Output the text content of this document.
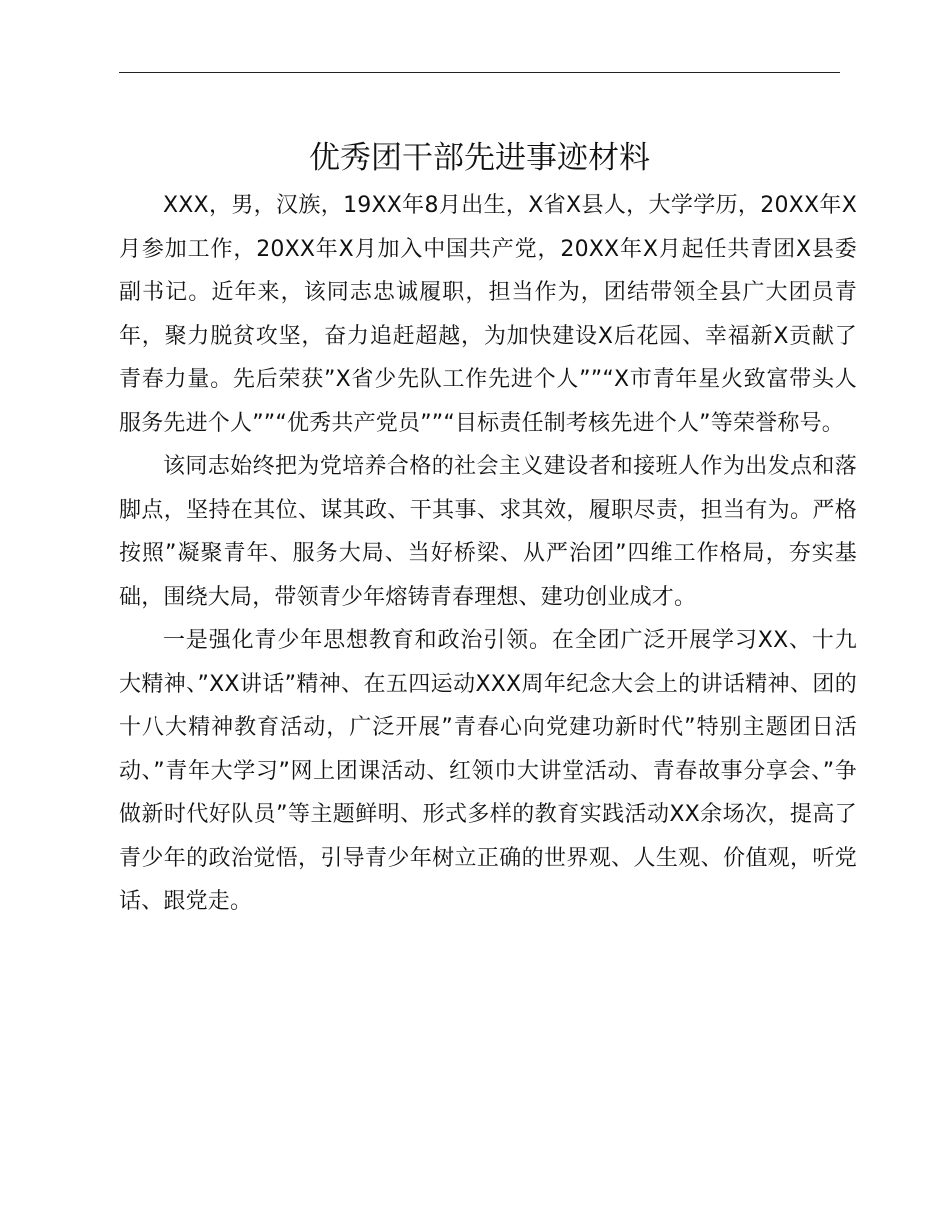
优秀团干部先进事迹材料

XXX，男，汉族，19XX年8月出生，X省X县人，大学学历，20XX年X月参加工作，20XX年X月加入中国共产党，20XX年X月起任共青团X县委副书记。近年来，该同志忠诚履职，担当作为，团结带领全县广大团员青年，聚力脱贫攻坚，奋力追赶超越，为加快建设X后花园、幸福新X贡献了青春力量。先后荣获”X省少先队工作先进个人””“X市青年星火致富带头人服务先进个人””“优秀共产党员””“目标责任制考核先进个人”等荣誉称号。

该同志始终把为党培养合格的社会主义建设者和接班人作为出发点和落脚点，坚持在其位、谋其政、干其事、求其效，履职尽责，担当有为。严格按照”凝聚青年、服务大局、当好桥梁、从严治团”四维工作格局，夯实基础，围绕大局，带领青少年熔铸青春理想、建功创业成才。

一是强化青少年思想教育和政治引领。在全团广泛开展学习XX、十九大精神、”XX讲话”精神、在五四运动XXX周年纪念大会上的讲话精神、团的十八大精神教育活动，广泛开展”青春心向党建功新时代”特别主题团日活动、”青年大学习”网上团课活动、红领巾大讲堂活动、青春故事分享会、”争做新时代好队员”等主题鲜明、形式多样的教育实践活动XX余场次，提高了青少年的政治觉悟，引导青少年树立正确的世界观、人生观、价值观，听党话、跟党走。
